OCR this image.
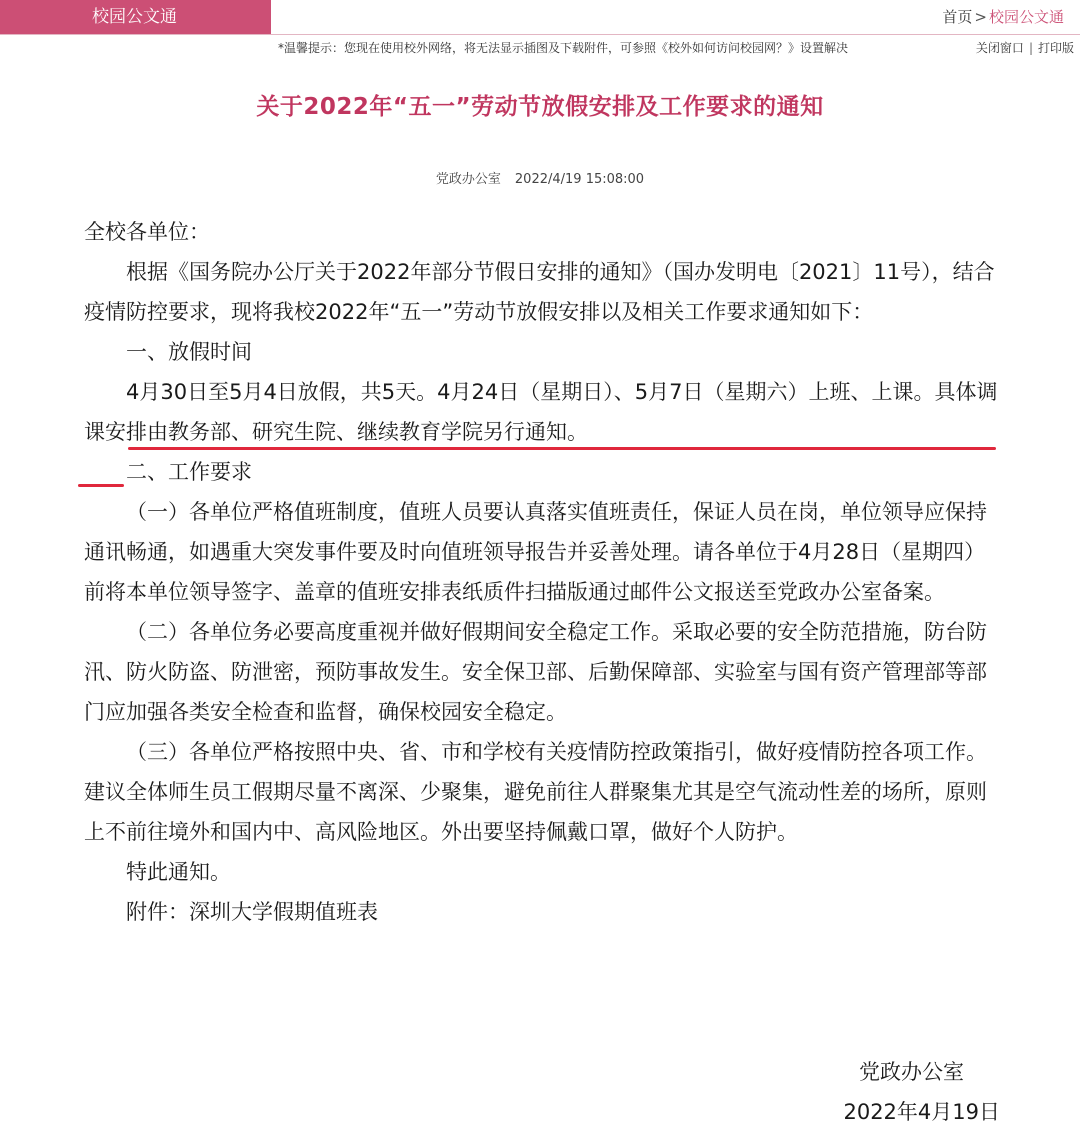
校园公文通	首页 > 校园公文通
*温馨提示：您现在使用校外网络，将无法显示插图及下载附件，可参照《校外如何访问校园网？》设置解决	关闭窗口 | 打印版
关于2022年“五一”劳动节放假安排及工作要求的通知
党政办公室 2022/4/19 15:08:00

全校各单位：

根据《国务院办公厅关于2022年部分节假日安排的通知》（国办发明电〔2021〕11号），结合疫情防控要求，现将我校2022年“五一”劳动节放假安排以及相关工作要求通知如下：

一、放假时间

4月30日至5月4日放假，共5天。4月24日（星期日）、5月7日（星期六）上班、上课。具体调课安排由教务部、研究生院、继续教育学院另行通知。

二、工作要求

（一）各单位严格值班制度，值班人员要认真落实值班责任，保证人员在岗，单位领导应保持通讯畅通，如遇重大突发事件要及时向值班领导报告并妥善处理。请各单位于4月28日（星期四）前将本单位领导签字、盖章的值班安排表纸质件扫描版通过邮件公文报送至党政办公室备案。

（二）各单位务必要高度重视并做好假期间安全稳定工作。采取必要的安全防范措施，防台防汛、防火防盗、防泄密，预防事故发生。安全保卫部、后勤保障部、实验室与国有资产管理部等部门应加强各类安全检查和监督，确保校园安全稳定。

（三）各单位严格按照中央、省、市和学校有关疫情防控政策指引，做好疫情防控各项工作。建议全体师生员工假期尽量不离深、少聚集，避免前往人群聚集尤其是空气流动性差的场所，原则上不前往境外和国内中、高风险地区。外出要坚持佩戴口罩，做好个人防护。

特此通知。

附件：深圳大学假期值班表

党政办公室
2022年4月19日
